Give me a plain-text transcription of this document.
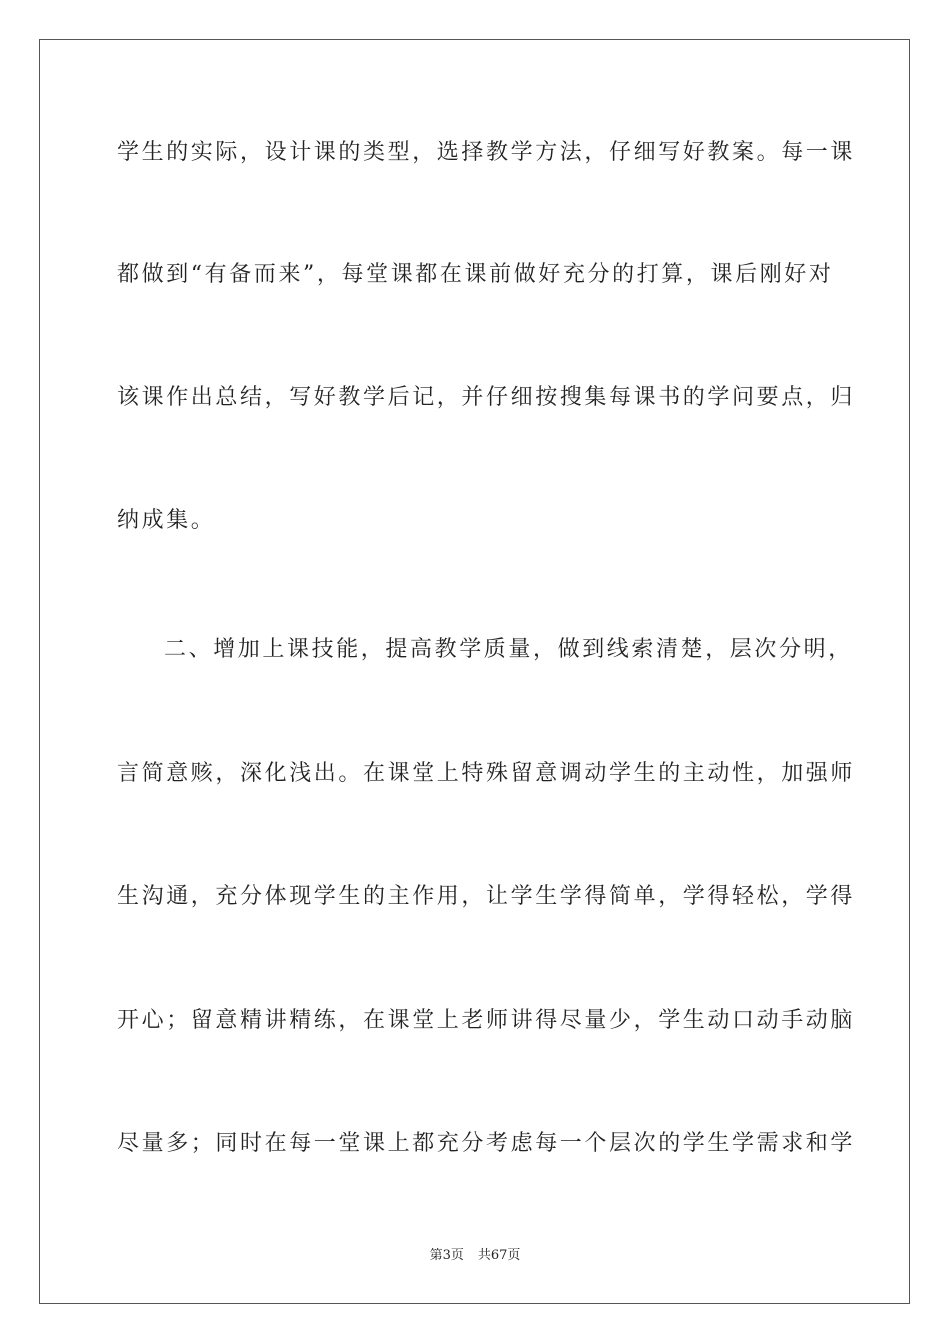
学生的实际，设计课的类型，选择教学方法，仔细写好教案。每一课
都做到“有备而来”，每堂课都在课前做好充分的打算，课后刚好对
该课作出总结，写好教学后记，并仔细按搜集每课书的学问要点，归
纳成集。
二、增加上课技能，提高教学质量，做到线索清楚，层次分明，
言简意赅，深化浅出。在课堂上特殊留意调动学生的主动性，加强师
生沟通，充分体现学生的主作用，让学生学得简单，学得轻松，学得
开心；留意精讲精练，在课堂上老师讲得尽量少，学生动口动手动脑
尽量多；同时在每一堂课上都充分考虑每一个层次的学生学需求和学
第3页 共67页
